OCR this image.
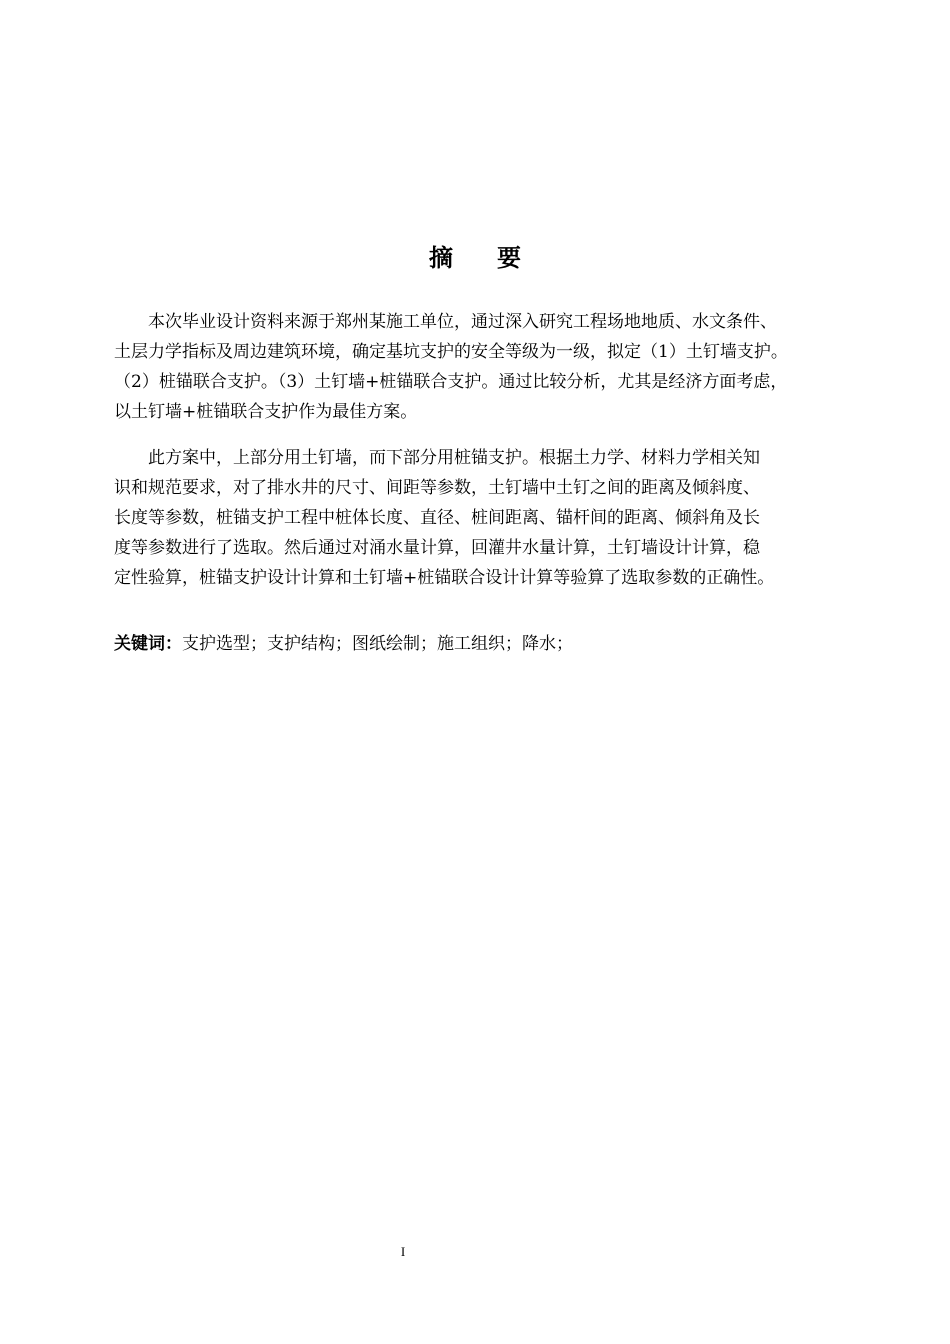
摘 要
　　本次毕业设计资料来源于郑州某施工单位，通过深入研究工程场地地质、水文条件、
土层力学指标及周边建筑环境，确定基坑支护的安全等级为一级，拟定（1）土钉墙支护。
（2）桩锚联合支护。（3）土钉墙+桩锚联合支护。通过比较分析，尤其是经济方面考虑，
以土钉墙+桩锚联合支护作为最佳方案。
　　此方案中，上部分用土钉墙，而下部分用桩锚支护。根据土力学、材料力学相关知
识和规范要求，对了排水井的尺寸、间距等参数，土钉墙中土钉之间的距离及倾斜度、
长度等参数，桩锚支护工程中桩体长度、直径、桩间距离、锚杆间的距离、倾斜角及长
度等参数进行了选取。然后通过对涌水量计算，回灌井水量计算，土钉墙设计计算，稳
定性验算，桩锚支护设计计算和土钉墙+桩锚联合设计计算等验算了选取参数的正确性。
关键词：支护选型；支护结构；图纸绘制；施工组织；降水；
I
